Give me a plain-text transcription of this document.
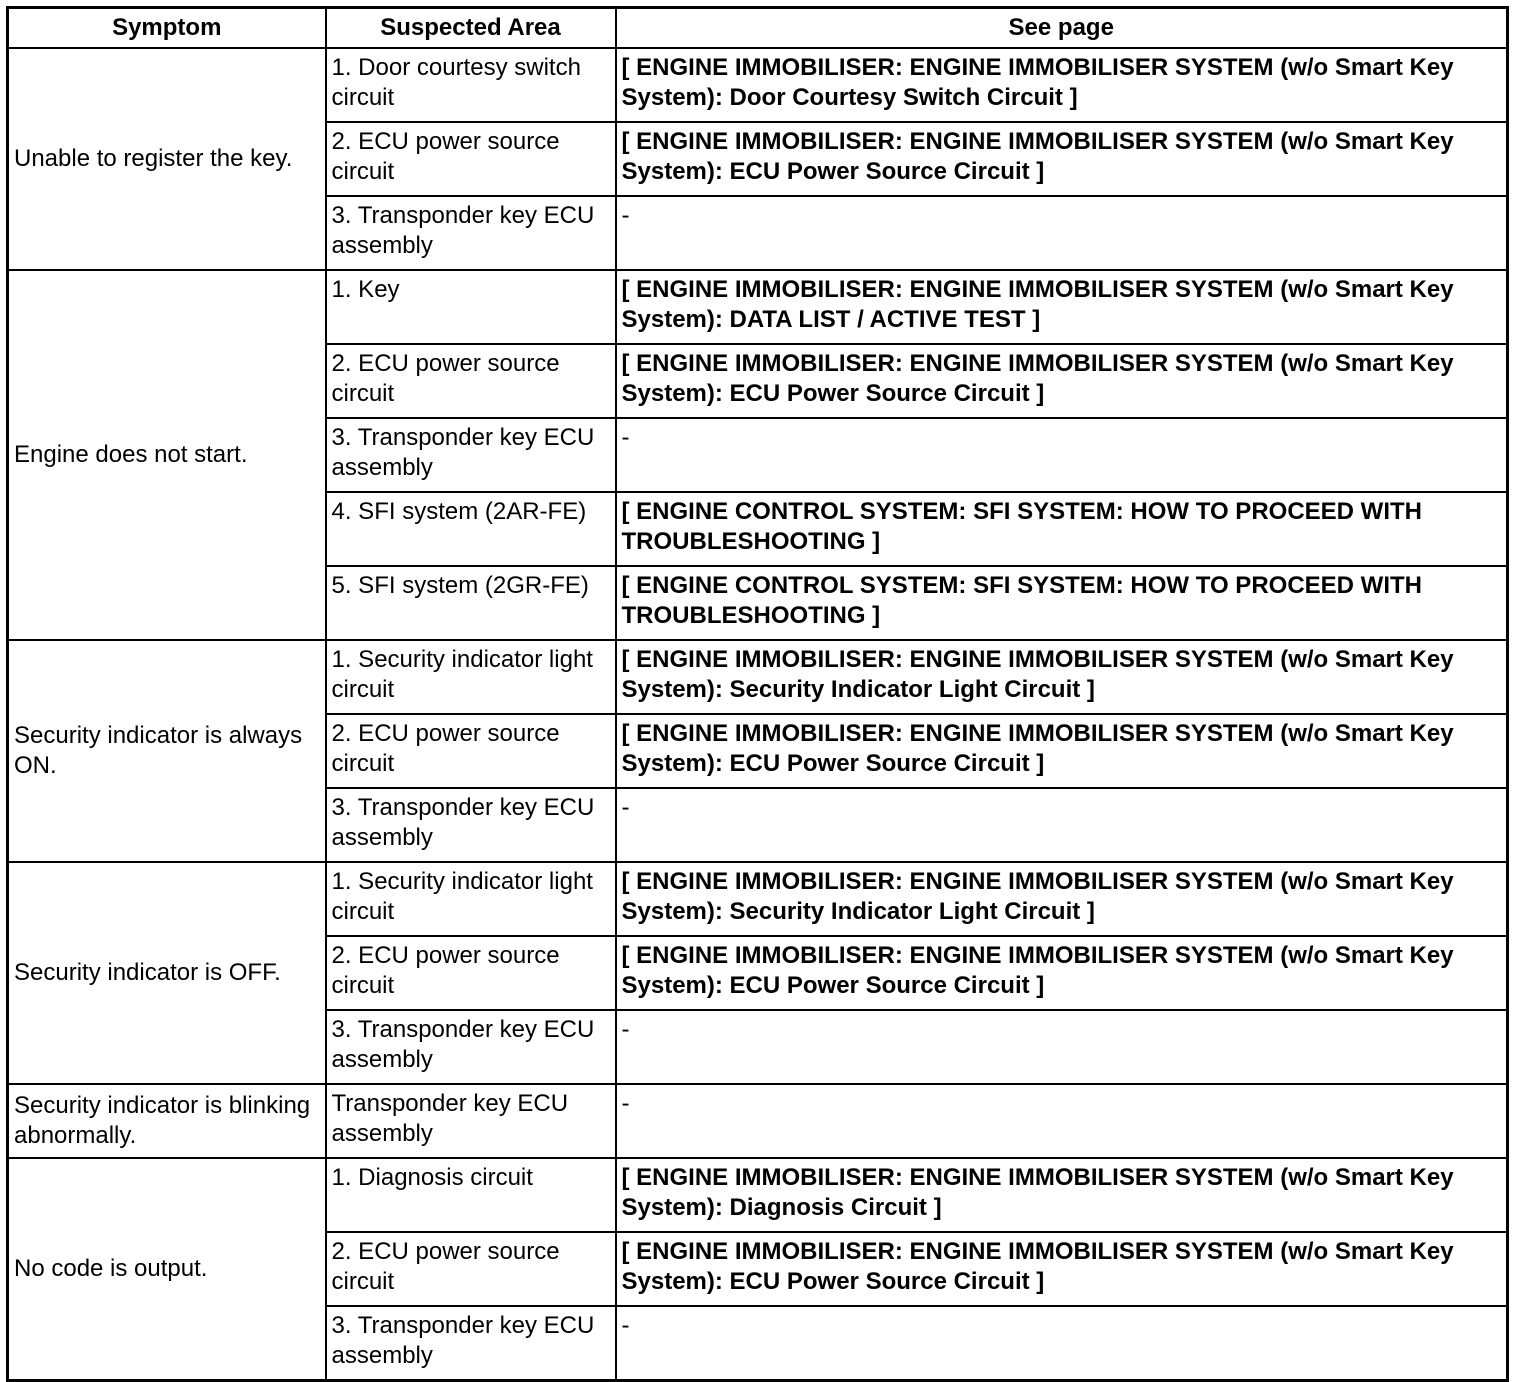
Symptom	Suspected Area	See page
Unable to register the key.	1. Door courtesy switch circuit	[ ENGINE IMMOBILISER: ENGINE IMMOBILISER SYSTEM (w/o Smart Key System): Door Courtesy Switch Circuit ]
	2. ECU power source circuit	[ ENGINE IMMOBILISER: ENGINE IMMOBILISER SYSTEM (w/o Smart Key System): ECU Power Source Circuit ]
	3. Transponder key ECU assembly	-
Engine does not start.	1. Key	[ ENGINE IMMOBILISER: ENGINE IMMOBILISER SYSTEM (w/o Smart Key System): DATA LIST / ACTIVE TEST ]
	2. ECU power source circuit	[ ENGINE IMMOBILISER: ENGINE IMMOBILISER SYSTEM (w/o Smart Key System): ECU Power Source Circuit ]
	3. Transponder key ECU assembly	-
	4. SFI system (2AR-FE)	[ ENGINE CONTROL SYSTEM: SFI SYSTEM: HOW TO PROCEED WITH TROUBLESHOOTING ]
	5. SFI system (2GR-FE)	[ ENGINE CONTROL SYSTEM: SFI SYSTEM: HOW TO PROCEED WITH TROUBLESHOOTING ]
Security indicator is always ON.	1. Security indicator light circuit	[ ENGINE IMMOBILISER: ENGINE IMMOBILISER SYSTEM (w/o Smart Key System): Security Indicator Light Circuit ]
	2. ECU power source circuit	[ ENGINE IMMOBILISER: ENGINE IMMOBILISER SYSTEM (w/o Smart Key System): ECU Power Source Circuit ]
	3. Transponder key ECU assembly	-
Security indicator is OFF.	1. Security indicator light circuit	[ ENGINE IMMOBILISER: ENGINE IMMOBILISER SYSTEM (w/o Smart Key System): Security Indicator Light Circuit ]
	2. ECU power source circuit	[ ENGINE IMMOBILISER: ENGINE IMMOBILISER SYSTEM (w/o Smart Key System): ECU Power Source Circuit ]
	3. Transponder key ECU assembly	-
Security indicator is blinking abnormally.	Transponder key ECU assembly	-
No code is output.	1. Diagnosis circuit	[ ENGINE IMMOBILISER: ENGINE IMMOBILISER SYSTEM (w/o Smart Key System): Diagnosis Circuit ]
	2. ECU power source circuit	[ ENGINE IMMOBILISER: ENGINE IMMOBILISER SYSTEM (w/o Smart Key System): ECU Power Source Circuit ]
	3. Transponder key ECU assembly	-
